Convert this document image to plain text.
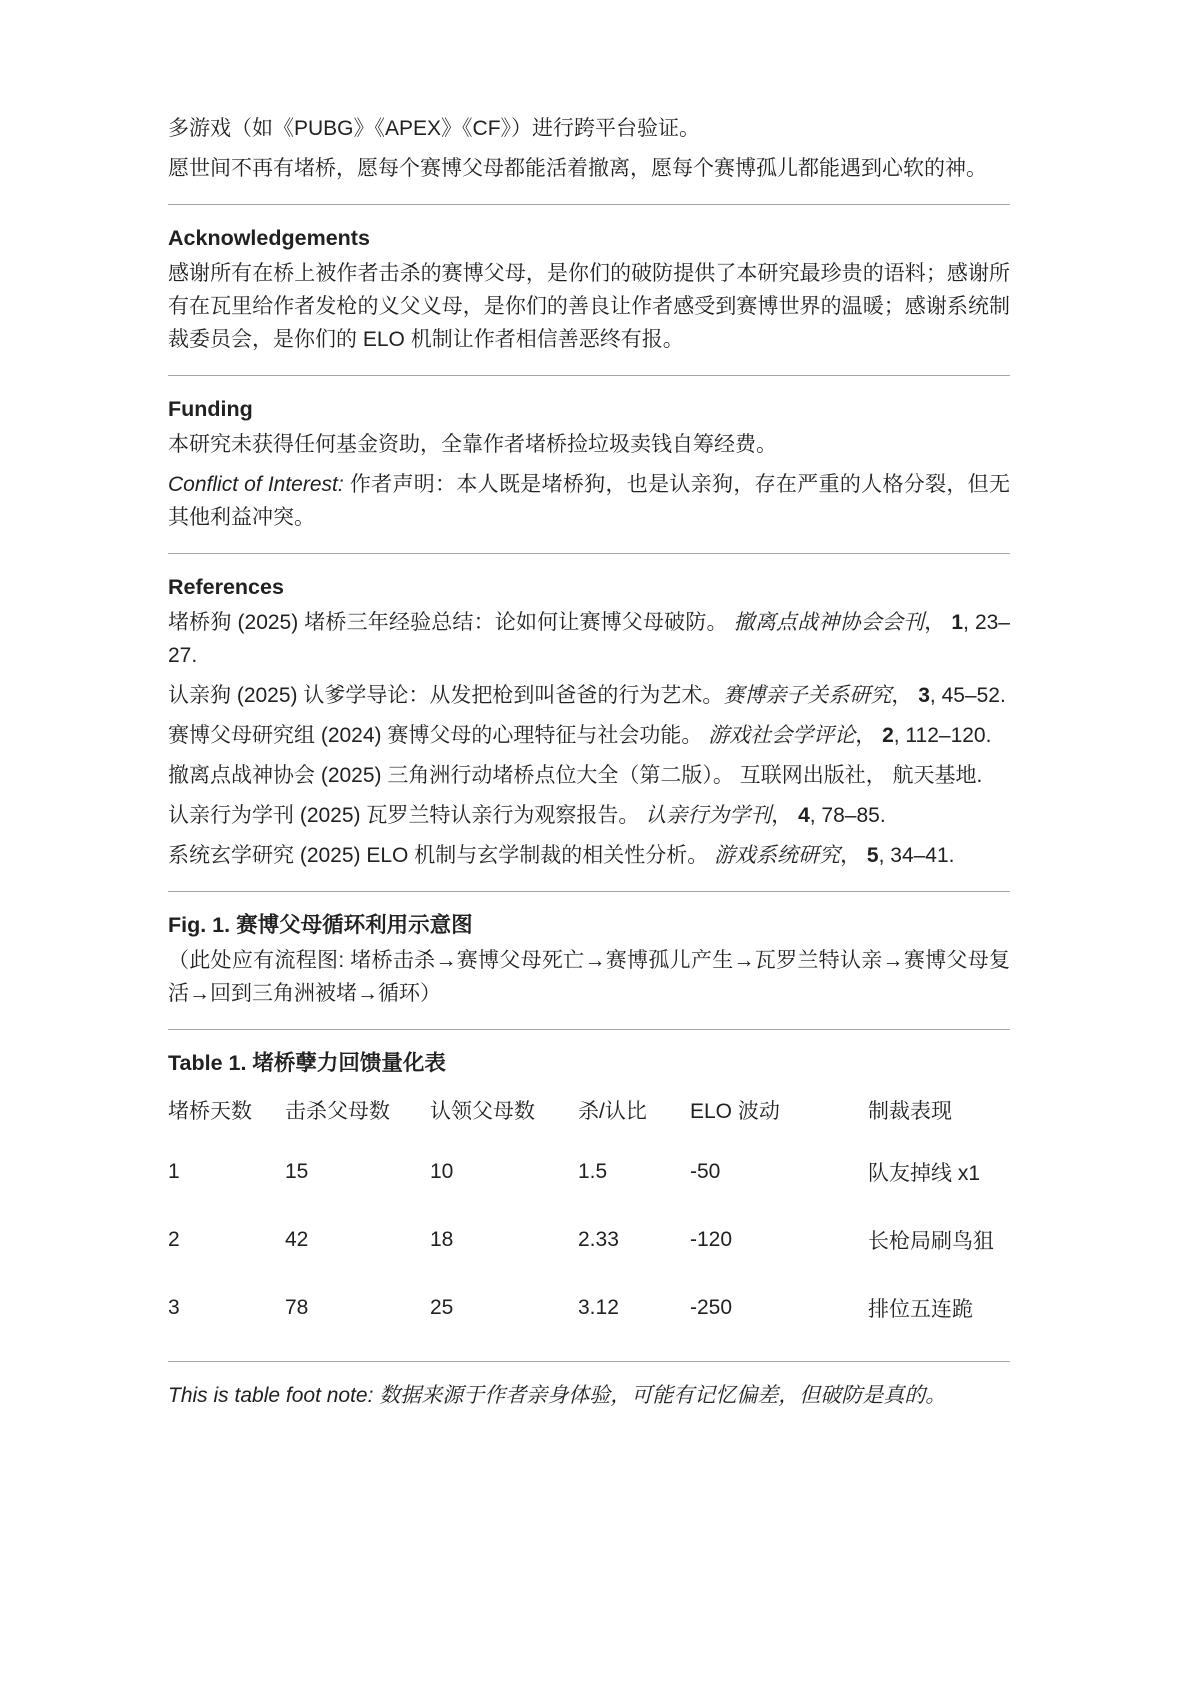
多游戏（如《PUBG》《APEX》《CF》）进行跨平台验证。

愿世间不再有堵桥，愿每个赛博父母都能活着撤离，愿每个赛博孤儿都能遇到心软的神。

Acknowledgements

感谢所有在桥上被作者击杀的赛博父母，是你们的破防提供了本研究最珍贵的语料；感谢所有在瓦里给作者发枪的义父义母，是你们的善良让作者感受到赛博世界的温暖；感谢系统制裁委员会，是你们的 ELO 机制让作者相信善恶终有报。

Funding

本研究未获得任何基金资助，全靠作者堵桥捡垃圾卖钱自筹经费。

Conflict of Interest: 作者声明：本人既是堵桥狗，也是认亲狗，存在严重的人格分裂，但无其他利益冲突。

References

堵桥狗 (2025) 堵桥三年经验总结：论如何让赛博父母破防。 撤离点战神协会会刊， 1, 23–27.

认亲狗 (2025) 认爹学导论：从发把枪到叫爸爸的行为艺术。赛博亲子关系研究， 3, 45–52.

赛博父母研究组 (2024) 赛博父母的心理特征与社会功能。 游戏社会学评论， 2, 112–120.

撤离点战神协会 (2025) 三角洲行动堵桥点位大全（第二版）。 互联网出版社， 航天基地.

认亲行为学刊 (2025) 瓦罗兰特认亲行为观察报告。 认亲行为学刊， 4, 78–85.

系统玄学研究 (2025) ELO 机制与玄学制裁的相关性分析。 游戏系统研究， 5, 34–41.

Fig. 1. 赛博父母循环利用示意图

（此处应有流程图: 堵桥击杀→赛博父母死亡→赛博孤儿产生→瓦罗兰特认亲→赛博父母复活→回到三角洲被堵→循环）

Table 1. 堵桥孽力回馈量化表

堵桥天数	击杀父母数	认领父母数	杀/认比	ELO 波动	制裁表现
1	15	10	1.5	-50	队友掉线 x1
2	42	18	2.33	-120	长枪局刷鸟狙
3	78	25	3.12	-250	排位五连跪

This is table foot note: 数据来源于作者亲身体验，可能有记忆偏差，但破防是真的。
